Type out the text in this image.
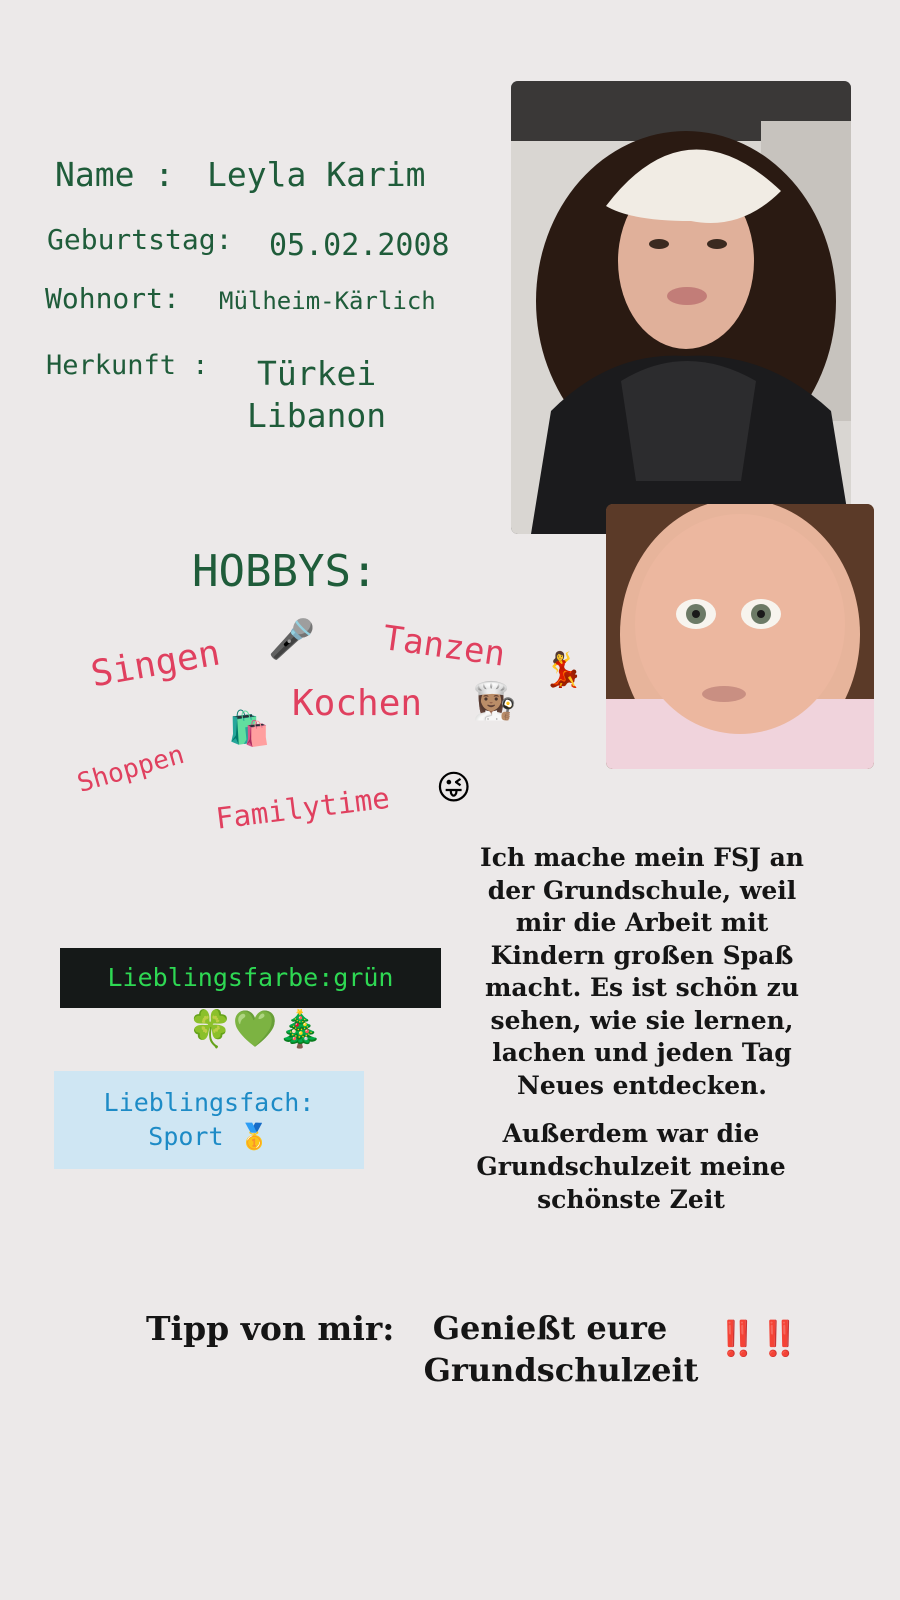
Name : Leyla Karim
Geburtstag: 05.02.2008
Wohnort: Mülheim-Kärlich
Herkunft : Türkei
Libanon
HOBBYS:
Singen 🎤 Tanzen 💃
Kochen 👩🏽‍🍳
Shoppen
🛍️
Familytime 😜
Lieblingsfarbe:grün
🍀💚🎄
Lieblingsfach:
Sport 🥇
Ich mache mein FSJ an der Grundschule, weil mir die Arbeit mit Kindern großen Spaß macht. Es ist schön zu sehen, wie sie lernen, lachen und jeden Tag Neues entdecken.
Außerdem war die Grundschulzeit meine schönste Zeit
Tipp von mir:	Genießt eure
Grundschulzeit
‼️‼️
